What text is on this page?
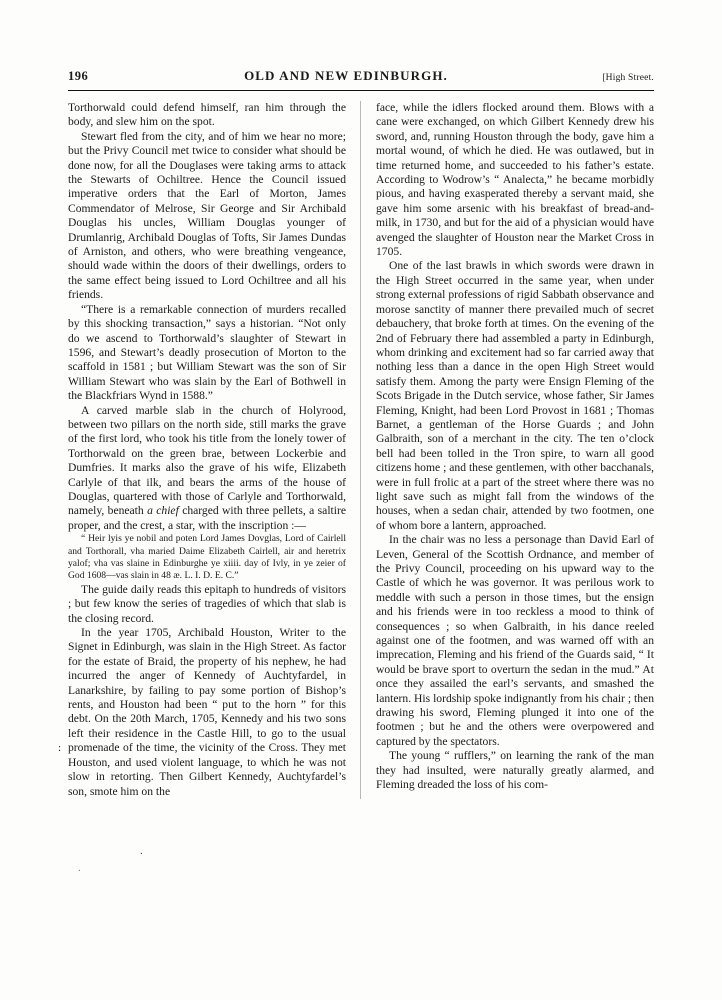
196	OLD AND NEW EDINBURGH.	[High Street.

Torthorwald could defend himself, ran him through the body, and slew him on the spot.

Stewart fled from the city, and of him we hear no more; but the Privy Council met twice to consider what should be done now, for all the Douglases were taking arms to attack the Stewarts of Ochiltree. Hence the Council issued imperative orders that the Earl of Morton, James Commendator of Melrose, Sir George and Sir Archibald Douglas his uncles, William Douglas younger of Drumlanrig, Archibald Douglas of Tofts, Sir James Dundas of Arniston, and others, who were breathing vengeance, should wade within the doors of their dwellings, orders to the same effect being issued to Lord Ochiltree and all his friends.

“There is a remarkable connection of murders recalled by this shocking transaction,” says a historian. “Not only do we ascend to Torthorwald’s slaughter of Stewart in 1596, and Stewart’s deadly prosecution of Morton to the scaffold in 1581 ; but William Stewart was the son of Sir William Stewart who was slain by the Earl of Bothwell in the Blackfriars Wynd in 1588.”

A carved marble slab in the church of Holyrood, between two pillars on the north side, still marks the grave of the first lord, who took his title from the lonely tower of Torthorwald on the green brae, between Lockerbie and Dumfries. It marks also the grave of his wife, Elizabeth Carlyle of that ilk, and bears the arms of the house of Douglas, quartered with those of Carlyle and Torthorwald, namely, beneath a chief charged with three pellets, a saltire proper, and the crest, a star, with the inscription :—

“ Heir lyis ye nobil and poten Lord James Dovglas, Lord of Cairlell and Torthorall, vha maried Daime Elizabeth Cairlell, air and heretrix yalof; vha vas slaine in Edinburghe ye xiiii. day of Ivly, in ye zeier of God 1608—vas slain in 48 æ. L. I. D. E. C.”

The guide daily reads this epitaph to hundreds of visitors ; but few know the series of tragedies of which that slab is the closing record.

In the year 1705, Archibald Houston, Writer to the Signet in Edinburgh, was slain in the High Street. As factor for the estate of Braid, the property of his nephew, he had incurred the anger of Kennedy of Auchtyfardel, in Lanarkshire, by failing to pay some portion of Bishop’s rents, and Houston had been “ put to the horn ” for this debt. On the 20th March, 1705, Kennedy and his two sons left their residence in the Castle Hill, to go to the usual promenade of the time, the vicinity of the Cross. They met Houston, and used violent language, to which he was not slow in retorting. Then Gilbert Kennedy, Auchtyfardel’s son, smote him on the

:

face, while the idlers flocked around them. Blows with a cane were exchanged, on which Gilbert Kennedy drew his sword, and, running Houston through the body, gave him a mortal wound, of which he died. He was outlawed, but in time returned home, and succeeded to his father’s estate. According to Wodrow’s “ Analecta,” he became morbidly pious, and having exasperated thereby a servant maid, she gave him some arsenic with his breakfast of bread-and-milk, in 1730, and but for the aid of a physician would have avenged the slaughter of Houston near the Market Cross in 1705.

One of the last brawls in which swords were drawn in the High Street occurred in the same year, when under strong external professions of rigid Sabbath observance and morose sanctity of manner there prevailed much of secret debauchery, that broke forth at times. On the evening of the 2nd of February there had assembled a party in Edinburgh, whom drinking and excitement had so far carried away that nothing less than a dance in the open High Street would satisfy them. Among the party were Ensign Fleming of the Scots Brigade in the Dutch service, whose father, Sir James Fleming, Knight, had been Lord Provost in 1681 ; Thomas Barnet, a gentleman of the Horse Guards ; and John Galbraith, son of a merchant in the city. The ten o’clock bell had been tolled in the Tron spire, to warn all good citizens home ; and these gentlemen, with other bacchanals, were in full frolic at a part of the street where there was no light save such as might fall from the windows of the houses, when a sedan chair, attended by two footmen, one of whom bore a lantern, approached.

In the chair was no less a personage than David Earl of Leven, General of the Scottish Ordnance, and member of the Privy Council, proceeding on his upward way to the Castle of which he was governor. It was perilous work to meddle with such a person in those times, but the ensign and his friends were in too reckless a mood to think of consequences ; so when Galbraith, in his dance reeled against one of the footmen, and was warned off with an imprecation, Fleming and his friend of the Guards said, “ It would be brave sport to overturn the sedan in the mud.” At once they assailed the earl’s servants, and smashed the lantern. His lordship spoke indignantly from his chair ; then drawing his sword, Fleming plunged it into one of the footmen ; but he and the others were overpowered and captured by the spectators.

The young “ rufflers,” on learning the rank of the man they had insulted, were naturally greatly alarmed, and Fleming dreaded the loss of his com-

.
.
